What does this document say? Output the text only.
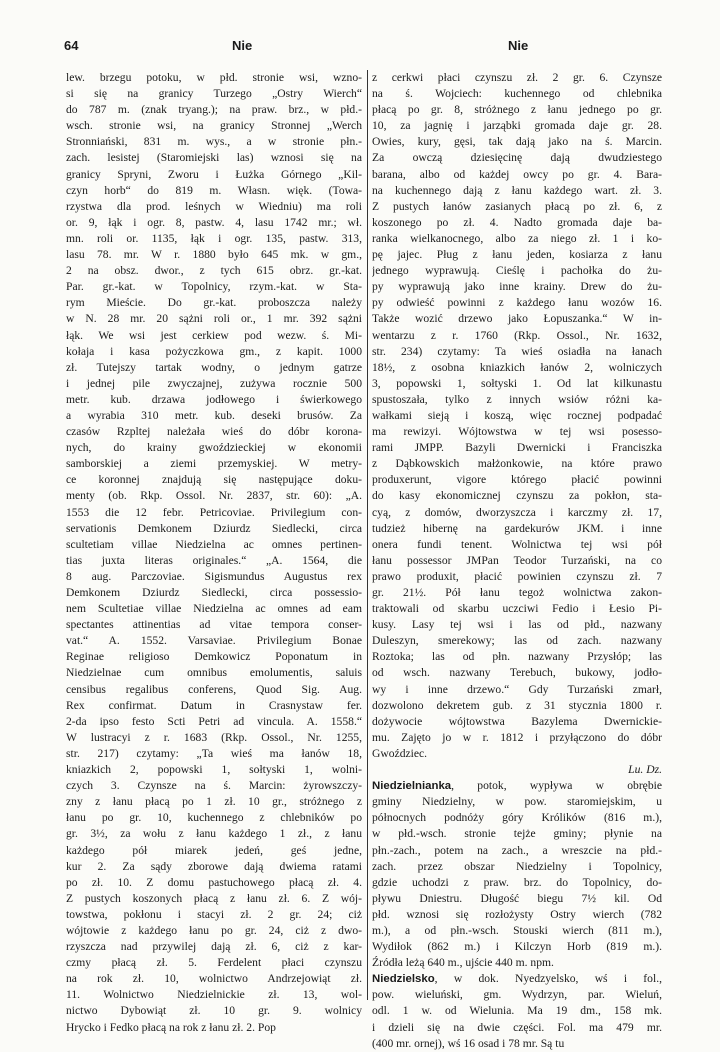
64	Nie	Nie
lew. brzegu potoku, w płd. stronie wsi, wzno-
si się na granicy Turzego „Ostry Wierch“
do 787 m. (znak tryang.); na praw. brz., w płd.-
wsch. stronie wsi, na granicy Stronnej „Werch
Stronniański, 831 m. wys., a w stronie płn.-
zach. lesistej (Staromiejski las) wznosi się na
granicy Spryni, Zworu i Łużka Górnego „Kil-
czyn horb“ do 819 m. Własn. więk. (Towa-
rzystwa dla prod. leśnych w Wiedniu) ma roli
or. 9, łąk i ogr. 8, pastw. 4, lasu 1742 mr.; wł.
mn. roli or. 1135, łąk i ogr. 135, pastw. 313,
lasu 78. mr. W r. 1880 było 645 mk. w gm.,
2 na obsz. dwor., z tych 615 obrz. gr.-kat.
Par. gr.-kat. w Topolnicy, rzym.-kat. w Sta-
rym Mieście. Do gr.-kat. proboszcza należy
w N. 28 mr. 20 sążni roli or., 1 mr. 392 sążni
łąk. We wsi jest cerkiew pod wezw. ś. Mi-
kołaja i kasa pożyczkowa gm., z kapit. 1000
zł. Tutejszy tartak wodny, o jednym gatrze
i jednej pile zwyczajnej, zużywa rocznie 500
metr. kub. drzawa jodłowego i świerkowego
a wyrabia 310 metr. kub. deseki brusów. Za
czasów Rzpltej należała wieś do dóbr korona-
nych, do krainy gwoździeckiej w ekonomii
samborskiej a ziemi przemyskiej. W metry-
ce koronnej znajdują się następujące doku-
menty (ob. Rkp. Ossol. Nr. 2837, str. 60): „A.
1553 die 12 febr. Petricoviae. Privilegium con-
servationis Demkonem Dziurdz Siedlecki, circa
scultetiam villae Niedzielna ac omnes pertinen-
tias juxta literas originales.“ „A. 1564, die
8 aug. Parczoviae. Sigismundus Augustus rex
Demkonem Dziurdz Siedlecki, circa possessio-
nem Scultetiae villae Niedzielna ac omnes ad eam
spectantes attinentias ad vitae tempora conser-
vat.“ A. 1552. Varsaviae. Privilegium Bonae
Reginae religioso Demkowicz Poponatum in
Niedzielnae cum omnibus emolumentis, saluis
censibus regalibus conferens, Quod Sig. Aug.
Rex confirmat. Datum in Crasnystaw fer.
2-da ipso festo Scti Petri ad vincula. A. 1558.“
W lustracyi z r. 1683 (Rkp. Ossol., Nr. 1255,
str. 217) czytamy: „Ta wieś ma łanów 18,
kniazkich 2, popowski 1, sołtyski 1, wolni-
czych 3. Czynsze na ś. Marcin: żyrowszczy-
zny z łanu płacą po 1 zł. 10 gr., stróżnego z
łanu po gr. 10, kuchennego z chlebników po
gr. 3½, za wołu z łanu każdego 1 zł., z łanu
każdego pół miarek jedeń, geś jedne,
kur 2. Za sądy zborowe dają dwiema ratami
po zł. 10. Z domu pastuchowego płacą zł. 4.
Z pustych koszonych płacą z łanu zł. 6. Z wój-
towstwa, pokłonu i stacyi zł. 2 gr. 24; ciż
wójtowie z każdego łanu po gr. 24, ciż z dwo-
rzyszcza nad przywilej dają zł. 6, ciż z kar-
czmy płacą zł. 5. Ferdelent płaci czynszu
na rok zł. 10, wolnictwo Andrzejowiąt zł.
11. Wolnictwo Niedzielnickie zł. 13, wol-
nictwo Dybowiąt zł. 10 gr. 9. wolnicy
Hrycko i Fedko płacą na rok z łanu zł. 2. Pop
z cerkwi płaci czynszu zł. 2 gr. 6. Czynsze
na ś. Wojciech: kuchennego od chlebnika
płacą po gr. 8, stróżnego z łanu jednego po gr.
10, za jagnię i jarząbki gromada daje gr. 28.
Owies, kury, gęsi, tak dają jako na ś. Marcin.
Za owczą dziesięcinę dają dwudziestego
barana, albo od każdej owcy po gr. 4. Bara-
na kuchennego dają z łanu każdego wart. zł. 3.
Z pustych łanów zasianych płacą po zł. 6, z
koszonego po zł. 4. Nadto gromada daje ba-
ranka wielkanocnego, albo za niego zł. 1 i ko-
pę jajec. Pług z łanu jeden, kosiarza z łanu
jednego wyprawują. Cieślę i pachołka do żu-
py wyprawują jako inne krainy. Drew do żu-
py odwieść powinni z każdego łanu wozów 16.
Także wozić drzewo jako Łopuszanka.“ W in-
wentarzu z r. 1760 (Rkp. Ossol., Nr. 1632,
str. 234) czytamy: Ta wieś osiadła na łanach
18½, z osobna kniazkich łanów 2, wolniczych
3, popowski 1, sołtyski 1. Od lat kilkunastu
spustoszała, tylko z innych wsiów różni ka-
wałkami sieją i koszą, więc rocznej podpadać
ma rewizyi. Wójtowstwa w tej wsi posesso-
rami JMPP. Bazyli Dwernicki i Franciszka
z Dąbkowskich małżonkowie, na które prawo
produxerunt, vigore którego płacić powinni
do kasy ekonomicznej czynszu za pokłon, sta-
cyą, z domów, dworzyszcza i karczmy zł. 17,
tudzież hibernę na gardekurów JKM. i inne
onera fundi tenent. Wolnictwa tej wsi pół
łanu possessor JMPan Teodor Turzański, na co
prawo produxit, płacić powinien czynszu zł. 7
gr. 21½. Pół łanu tegoż wolnictwa zakon-
traktowali od skarbu uczciwi Fedio i Łesio Pi-
kusy. Lasy tej wsi i las od płd., nazwany
Duleszyn, smerekowy; las od zach. nazwany
Roztoka; las od płn. nazwany Przysłóp; las
od wsch. nazwany Terebuch, bukowy, jodło-
wy i inne drzewo.“ Gdy Turzański zmarł,
dozwolono dekretem gub. z 31 stycznia 1800 r.
dożywocie wójtowstwa Bazylema Dwernickie-
mu. Zajęto jo w r. 1812 i przyłączono do dóbr
Gwoździec.
Lu. Dz.
Niedzielnianka, potok, wypływa w obrębie
gminy Niedzielny, w pow. staromiejskim, u
północnych podnóży góry Królików (816 m.),
w płd.-wsch. stronie tejże gminy; płynie na
płn.-zach., potem na zach., a wreszcie na płd.-
zach. przez obszar Niedzielny i Topolnicy,
gdzie uchodzi z praw. brz. do Topolnicy, do-
pływu Dniestru. Długość biegu 7½ kil. Od
płd. wznosi się rozłożysty Ostry wierch (782
m.), a od płn.-wsch. Stouski wierch (811 m.),
Wydiłok (862 m.) i Kilczyn Horb (819 m.).
Źródła leżą 640 m., ujście 440 m. npm.
Niedzielsko, w dok. Nyedzyelsko, wś i fol.,
pow. wieluński, gm. Wydrzyn, par. Wieluń,
odl. 1 w. od Wielunia. Ma 19 dm., 158 mk.
i dzieli się na dwie części. Fol. ma 479 mr.
(400 mr. ornej), wś 16 osad i 78 mr. Są tu
